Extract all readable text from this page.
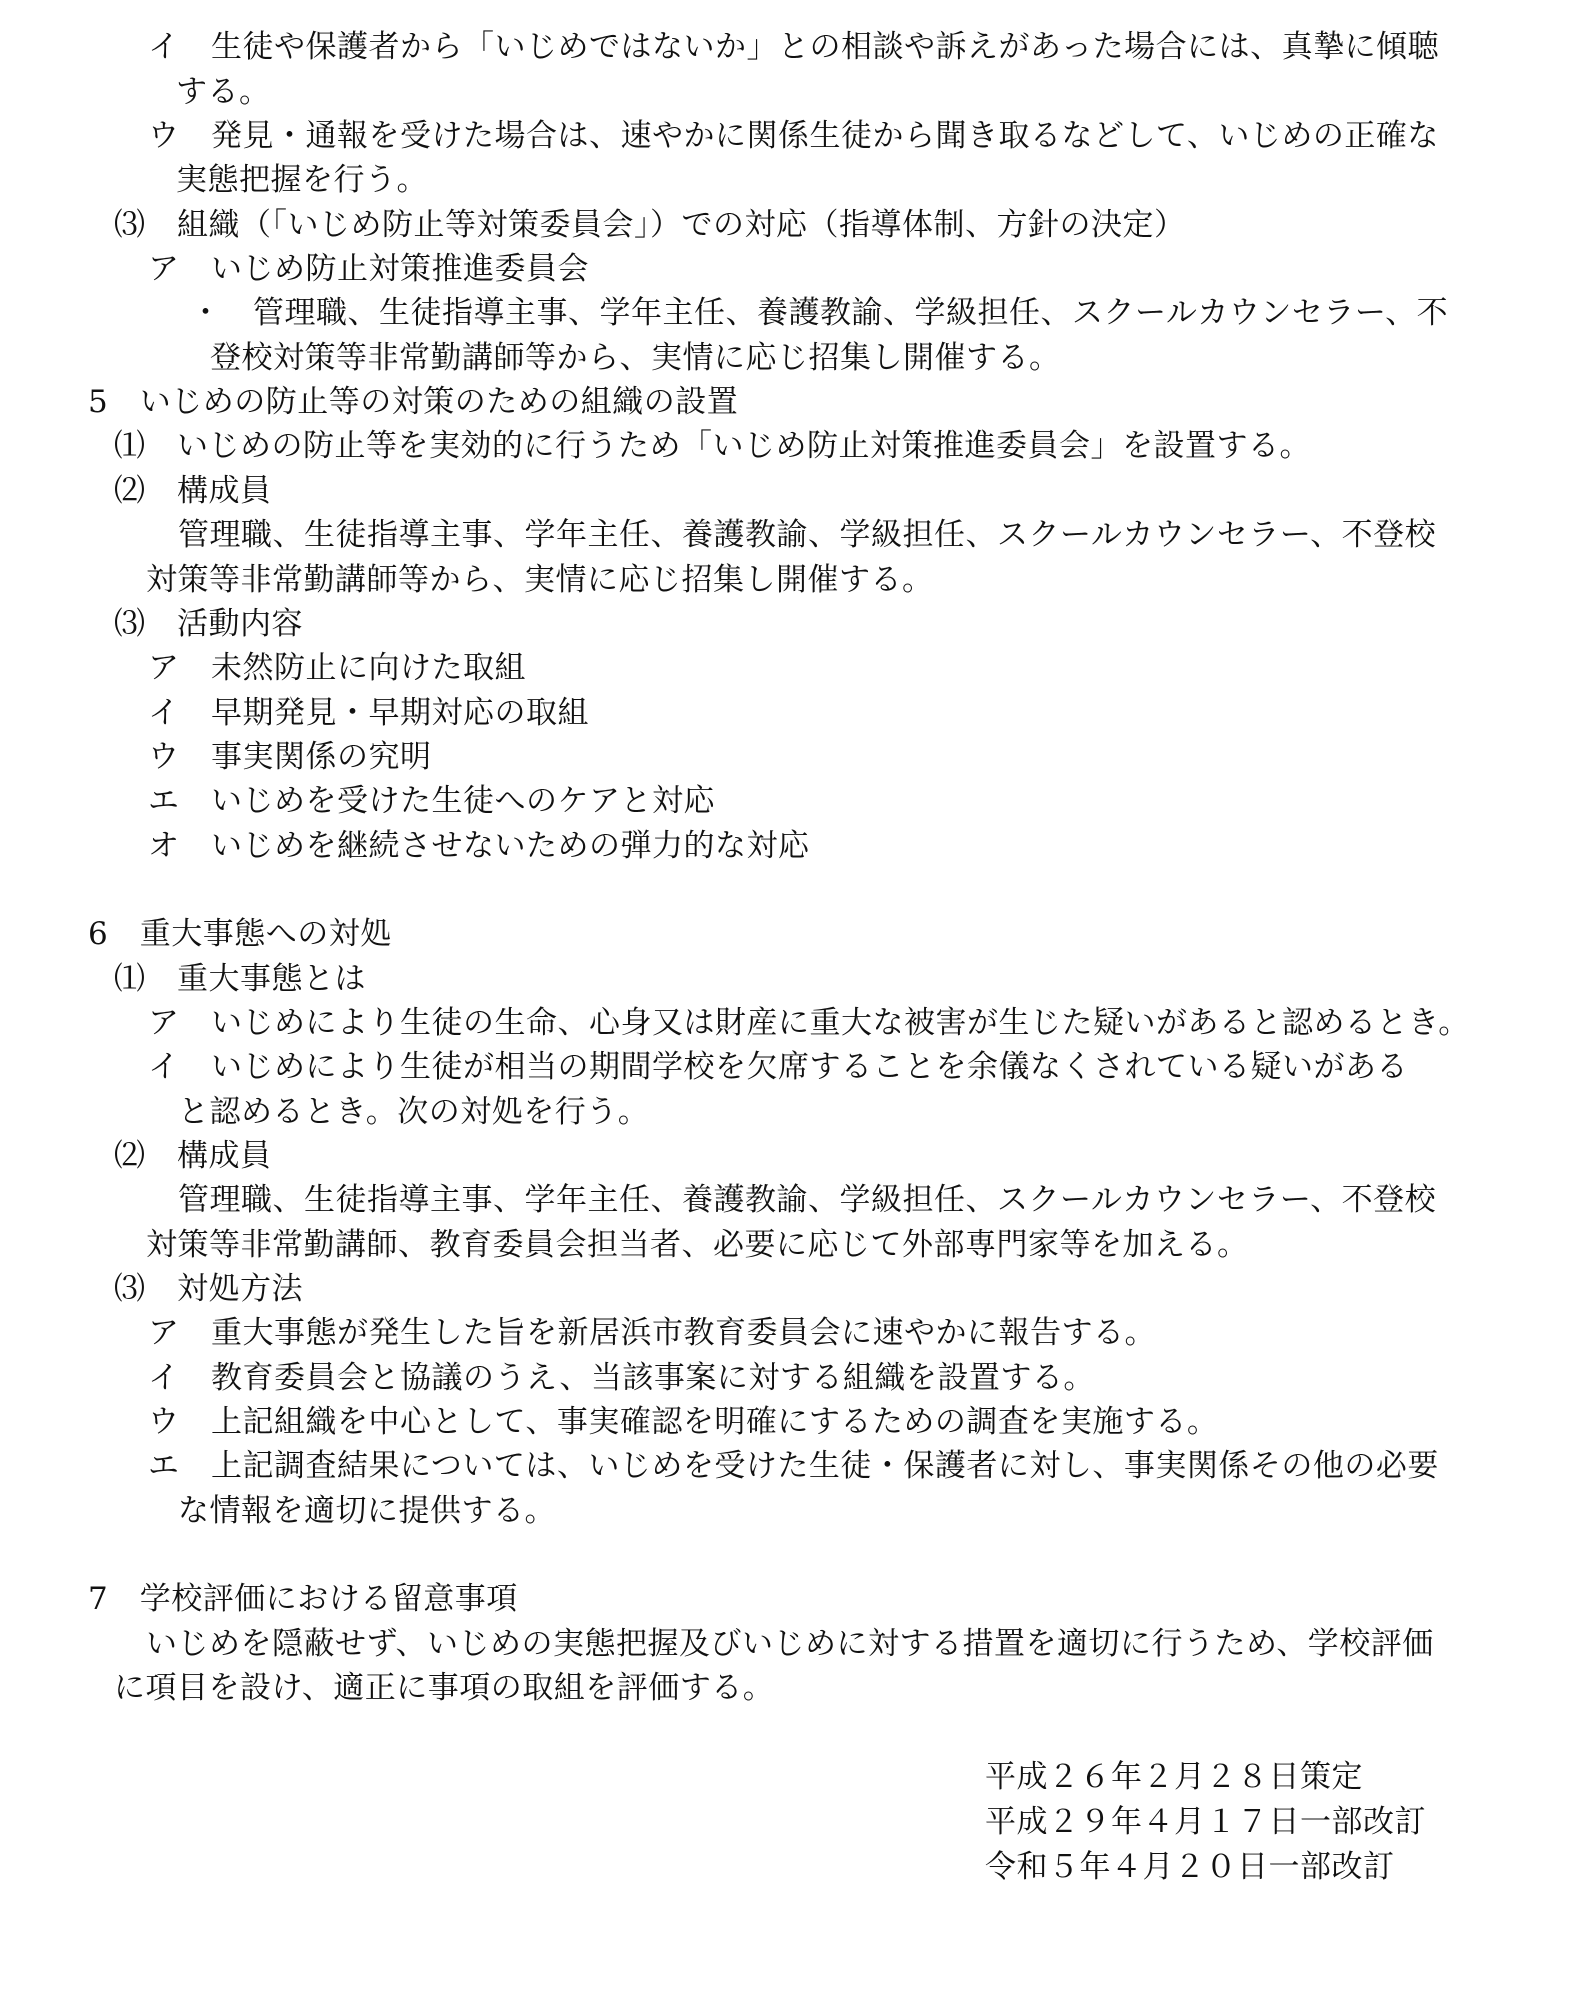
イ　生徒や保護者から「いじめではないか」との相談や訴えがあった場合には、真摯に傾聴
する。
ウ　発見・通報を受けた場合は、速やかに関係生徒から聞き取るなどして、いじめの正確な
実態把握を行う。
⑶　組織（「いじめ防止等対策委員会」）での対応（指導体制、方針の決定）
ア　いじめ防止対策推進委員会
・　管理職、生徒指導主事、学年主任、養護教諭、学級担任、スクールカウンセラー、不
登校対策等非常勤講師等から、実情に応じ招集し開催する。
5　いじめの防止等の対策のための組織の設置
⑴　いじめの防止等を実効的に行うため「いじめ防止対策推進委員会」を設置する。
⑵　構成員
管理職、生徒指導主事、学年主任、養護教諭、学級担任、スクールカウンセラー、不登校
対策等非常勤講師等から、実情に応じ招集し開催する。
⑶　活動内容
ア　未然防止に向けた取組
イ　早期発見・早期対応の取組
ウ　事実関係の究明
エ　いじめを受けた生徒へのケアと対応
オ　いじめを継続させないための弾力的な対応
6　重大事態への対処
⑴　重大事態とは
ア　いじめにより生徒の生命、心身又は財産に重大な被害が生じた疑いがあると認めるとき。
イ　いじめにより生徒が相当の期間学校を欠席することを余儀なくされている疑いがある
と認めるとき。次の対処を行う。
⑵　構成員
管理職、生徒指導主事、学年主任、養護教諭、学級担任、スクールカウンセラー、不登校
対策等非常勤講師、教育委員会担当者、必要に応じて外部専門家等を加える。
⑶　対処方法
ア　重大事態が発生した旨を新居浜市教育委員会に速やかに報告する。
イ　教育委員会と協議のうえ、当該事案に対する組織を設置する。
ウ　上記組織を中心として、事実確認を明確にするための調査を実施する。
エ　上記調査結果については、いじめを受けた生徒・保護者に対し、事実関係その他の必要
な情報を適切に提供する。
7　学校評価における留意事項
いじめを隠蔽せず、いじめの実態把握及びいじめに対する措置を適切に行うため、学校評価
に項目を設け、適正に事項の取組を評価する。
平成２６年２月２８日策定
平成２９年４月１７日一部改訂
令和５年４月２０日一部改訂
